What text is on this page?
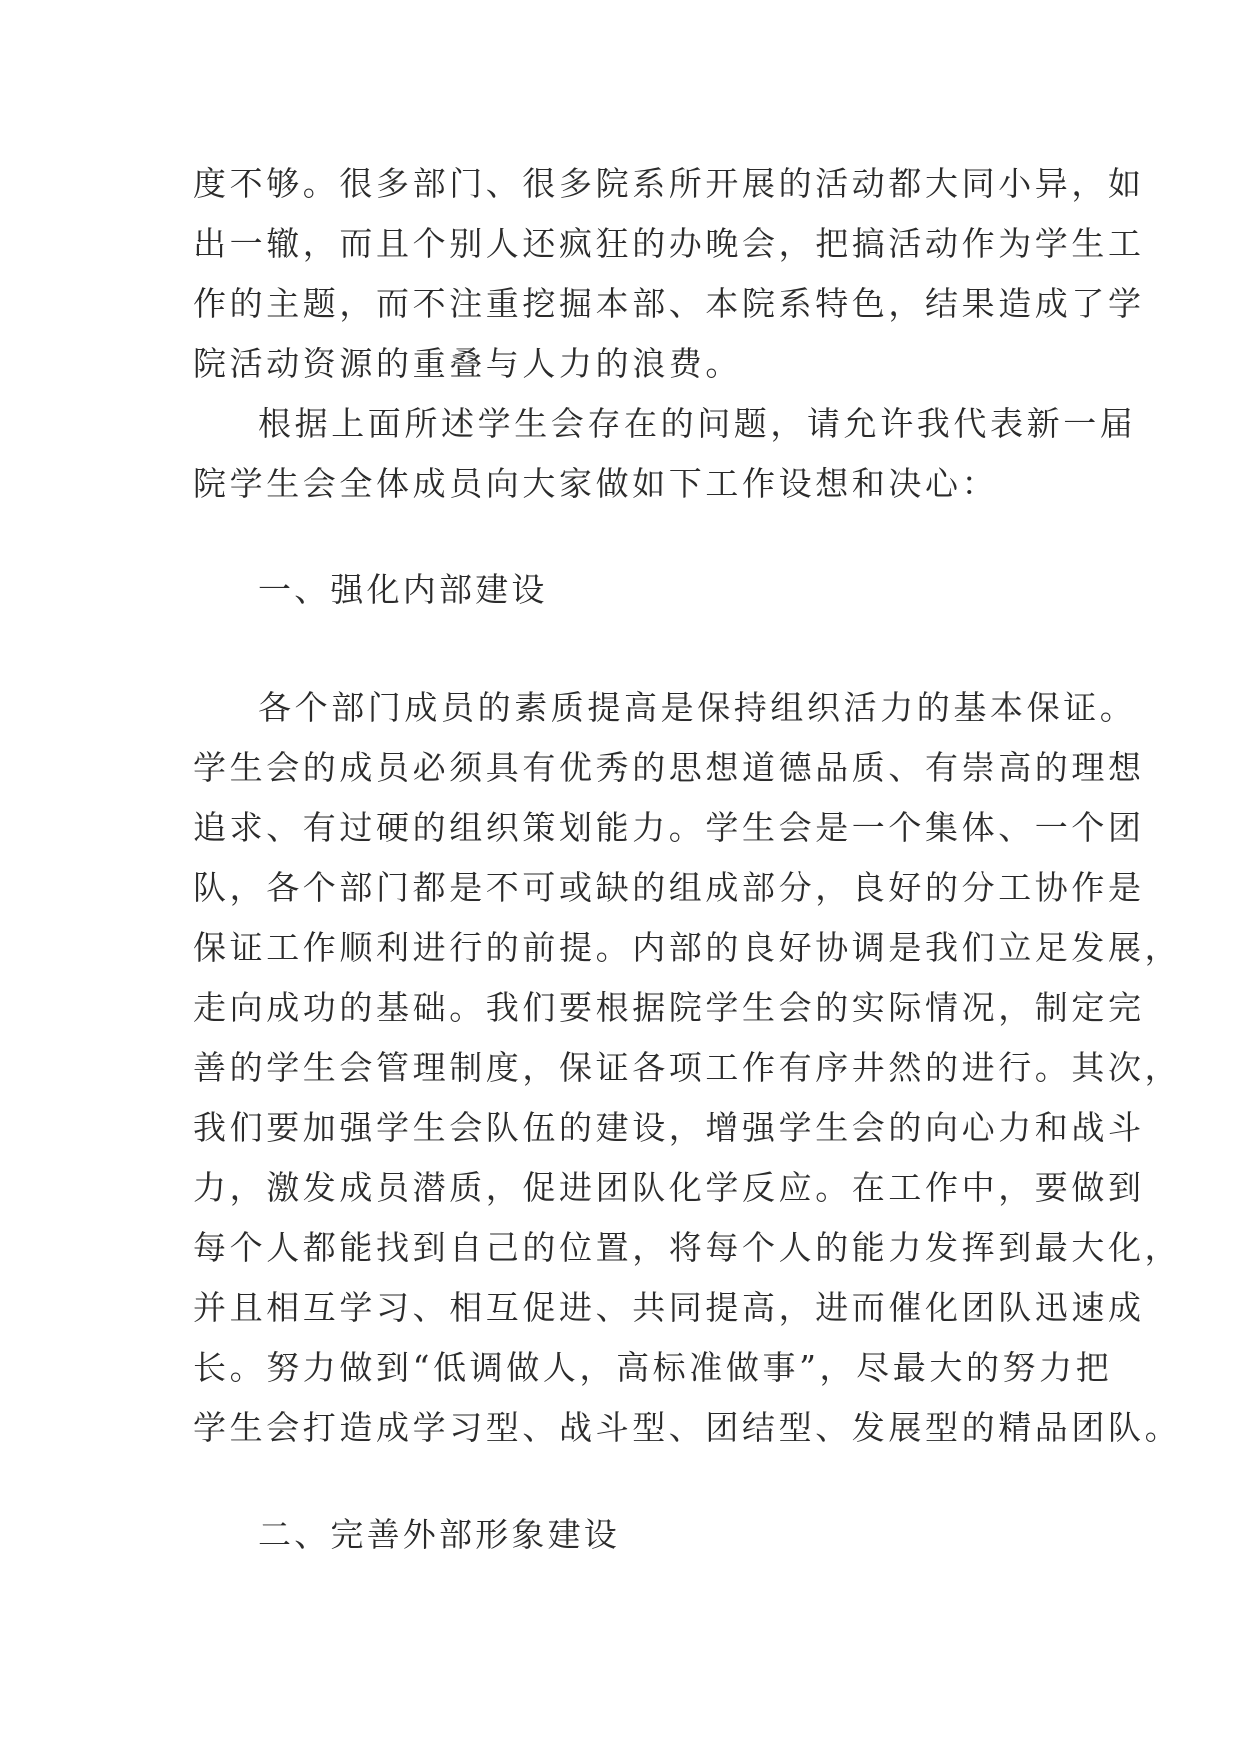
度不够。很多部门、很多院系所开展的活动都大同小异，如
出一辙，而且个别人还疯狂的办晚会，把搞活动作为学生工
作的主题，而不注重挖掘本部、本院系特色，结果造成了学
院活动资源的重叠与人力的浪费。
根据上面所述学生会存在的问题，请允许我代表新一届
院学生会全体成员向大家做如下工作设想和决心：
一、强化内部建设
各个部门成员的素质提高是保持组织活力的基本保证。
学生会的成员必须具有优秀的思想道德品质、有崇高的理想
追求、有过硬的组织策划能力。学生会是一个集体、一个团
队，各个部门都是不可或缺的组成部分，良好的分工协作是
保证工作顺利进行的前提。内部的良好协调是我们立足发展，
走向成功的基础。我们要根据院学生会的实际情况，制定完
善的学生会管理制度，保证各项工作有序井然的进行。其次，
我们要加强学生会队伍的建设，增强学生会的向心力和战斗
力，激发成员潜质，促进团队化学反应。在工作中，要做到
每个人都能找到自己的位置，将每个人的能力发挥到最大化，
并且相互学习、相互促进、共同提高，进而催化团队迅速成
长。努力做到“低调做人，高标准做事”，尽最大的努力把
学生会打造成学习型、战斗型、团结型、发展型的精品团队。
二、完善外部形象建设
